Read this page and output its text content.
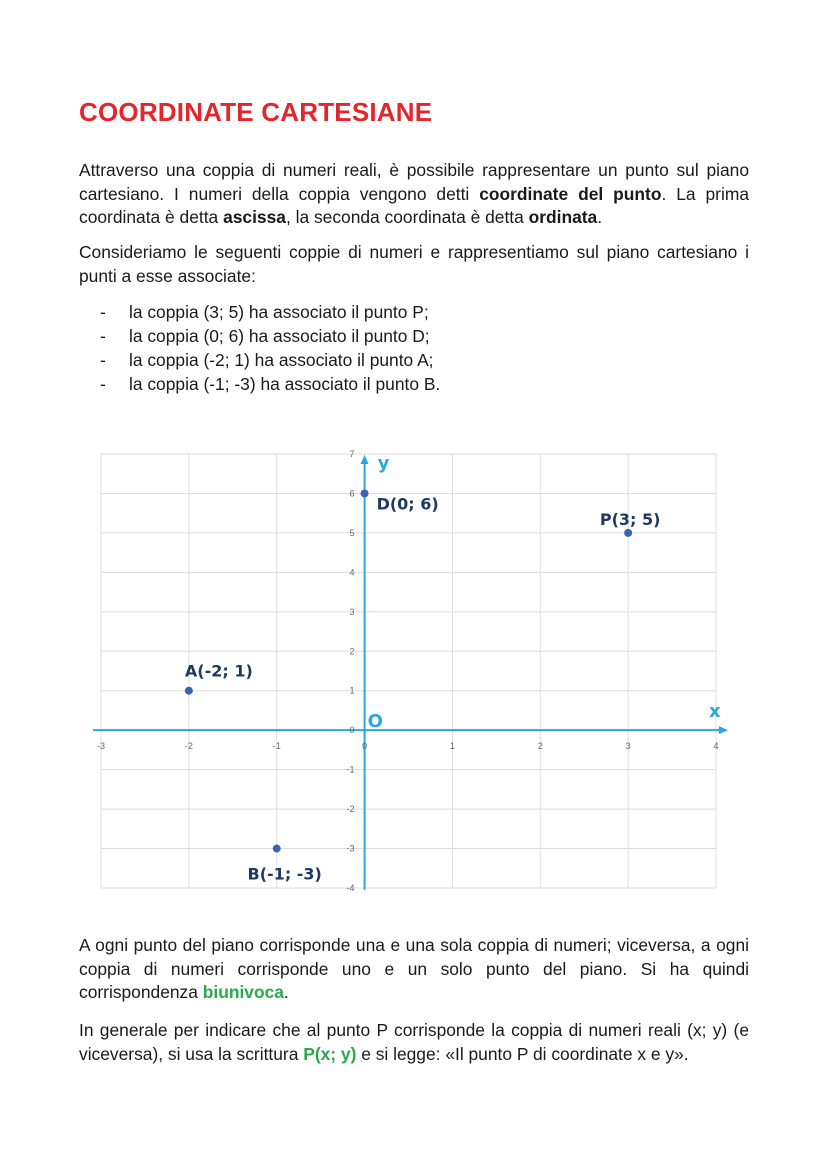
COORDINATE CARTESIANE

Attraverso una coppia di numeri reali, è possibile rappresentare un punto sul piano cartesiano. I numeri della coppia vengono detti coordinate del punto. La prima coordinata è detta ascissa, la seconda coordinata è detta ordinata.

Consideriamo le seguenti coppie di numeri e rappresentiamo sul piano cartesiano i punti a esse associate:

- la coppia (3; 5) ha associato il punto P;
- la coppia (0; 6) ha associato il punto D;
- la coppia (-2; 1) ha associato il punto A;
- la coppia (-1; -3) ha associato il punto B.
-3	-2	-1	0	1	2	3	4
-4
-3
-2
-1
0
1
2
3
4
5
6
7 y
x
O
D(0; 6)
P(3; 5)
A(-2; 1)
B(-1; -3)

A ogni punto del piano corrisponde una e una sola coppia di numeri; viceversa, a ogni coppia di numeri corrisponde uno e un solo punto del piano. Si ha quindi corrispondenza biunivoca.

In generale per indicare che al punto P corrisponde la coppia di numeri reali (x; y) (e viceversa), si usa la scrittura P(x; y) e si legge: «Il punto P di coordinate x e y».
